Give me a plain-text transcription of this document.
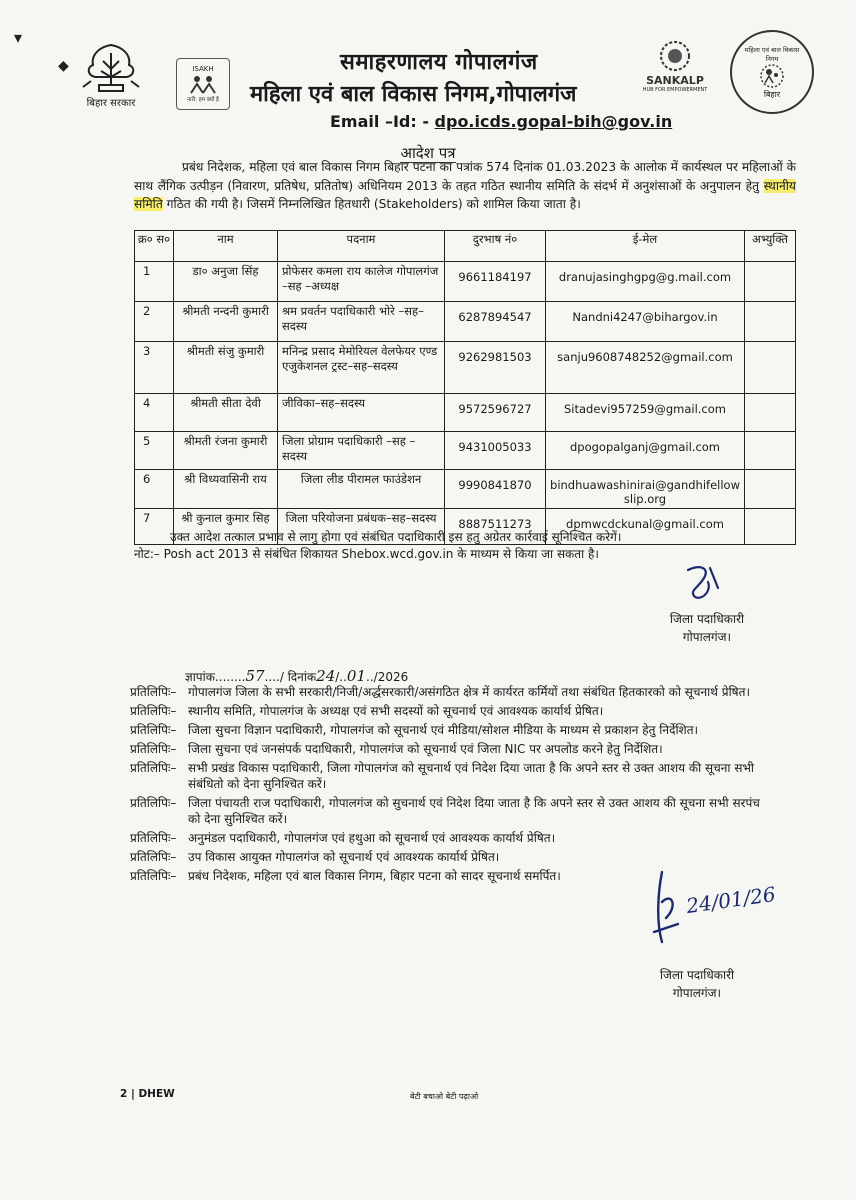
▾
◆
बिहार सरकार
ISAKH
नारी: हम क्यों है
समाहरणालय गोपालगंज
महिला एवं बाल विकास निगम,गोपालगंज
Email –Id: - dpo.icds.gopal-bih@gov.in
SANKALP
HUB FOR EMPOWERMENT
महिला एवं बाल विकास निगम
बिहार
आदेश पत्र

प्रबंध निदेशक, महिला एवं बाल विकास निगम बिहार पटना का पत्रांक 574 दिनांक 01.03.2023 के आलोक में कार्यस्थल पर महिलाओं के साथ लैंगिक उत्पीड़न (निवारण, प्रतिषेध, प्रतितोष) अधिनियम 2013 के तहत गठित स्थानीय समिति के संदर्भ में अनुशंसाओं के अनुपालन हेतु स्थानीय समिति गठित की गयी है। जिसमें निम्नलिखित हितधारी (Stakeholders) को शामिल किया जाता है।

क्र० स०	नाम	पदनाम	दुरभाष नं०	ई-मेल	अभ्युक्ति
1	डा० अनुजा सिंह	प्रोफेसर कमला राय कालेज गोपालगंज –सह –अध्यक्ष	9661184197	dranujasinghgpg@g.mail.com	
2	श्रीमती नन्दनी कुमारी	श्रम प्रवर्तन पदाधिकारी भोरे –सह–सदस्य	6287894547	Nandni4247@bihargov.in	
3	श्रीमती संजु कुमारी	मनिन्द्र प्रसाद मेमोरियल वेलफेयर एण्ड एजुकेशनल ट्रस्ट–सह–सदस्य	9262981503	sanju9608748252@gmail.com	
4	श्रीमती सीता देवी	जीविका–सह–सदस्य	9572596727	Sitadevi957259@gmail.com	
5	श्रीमती रंजना कुमारी	जिला प्रोग्राम पदाधिकारी –सह – सदस्य	9431005033	dpogopalganj@gmail.com	
6	श्री विध्यवासिनी राय	जिला लीड पीरामल फाउंडेशन	9990841870	bindhuawashinirai@gandhifellowslip.org	
7	श्री कुनाल कुमार सिह	जिला परियोजना प्रबंधक–सह–सदस्य	8887511273	dpmwcdckunal@gmail.com	
उक्त आदेश तत्काल प्रभाव से लागु होगा एवं संबंधित पदाधिकारी इस हतु अग्रेतर कार्रवाई सूनिश्चित करेगें।
नोट:– Posh act 2013 से संबंधित शिकायत Shebox.wcd.gov.in के माध्यम से किया जा सकता है।
जिला पदाधिकारी
गोपालगंज।
ज्ञापांक........57..../ दिनांक24/..01../2026
प्रतिलिपिः– गोपालगंज जिला के सभी सरकारी/निजी/अर्द्धसरकारी/असंगठित क्षेत्र में कार्यरत कर्मियों तथा संबंधित हितकारको को सूचनार्थ प्रेषित।
प्रतिलिपिः– स्थानीय समिति, गोपालगंज के अध्यक्ष एवं सभी सदस्यों को सूचनार्थ एवं आवश्यक कार्यार्थ प्रेषित।
प्रतिलिपिः– जिला सुचना विज्ञान पदाधिकारी, गोपालगंज को सूचनार्थ एवं मीडिया/सोशल मीडिया के माध्यम से प्रकाशन हेतु निर्देशित।
प्रतिलिपिः– जिला सुचना एवं जनसंपर्क पदाधिकारी, गोपालगंज को सूचनार्थ एवं जिला NIC पर अपलोड करने हेतु निर्देशित।
प्रतिलिपिः– सभी प्रखंड विकास पदाधिकारी, जिला गोपालगंज को सूचनार्थ एवं निदेश दिया जाता है कि अपने स्तर से उक्त आशय की सूचना सभी संबंधितो को देना सुनिश्चित करें।
प्रतिलिपिः– जिला पंचायती राज पदाधिकारी, गोपालगंज को सुचनार्थ एवं निदेश दिया जाता है कि अपने स्तर से उक्त आशय की सूचना सभी सरपंच को देना सुनिश्चित करें।
प्रतिलिपिः– अनुमंडल पदाधिकारी, गोपालगंज एवं हथुआ को सूचनार्थ एवं आवश्यक कार्यार्थ प्रेषित।
प्रतिलिपिः– उप विकास आयुक्त गोपालगंज को सूचनार्थ एवं आवश्यक कार्यार्थ प्रेषित।
प्रतिलिपिः– प्रबंध निदेशक, महिला एवं बाल विकास निगम, बिहार पटना को सादर सूचनार्थ समर्पित।
24/01/26
जिला पदाधिकारी
गोपालगंज।
2 | DHEW	बेटी बचाओ बेटी पढ़ाओ
